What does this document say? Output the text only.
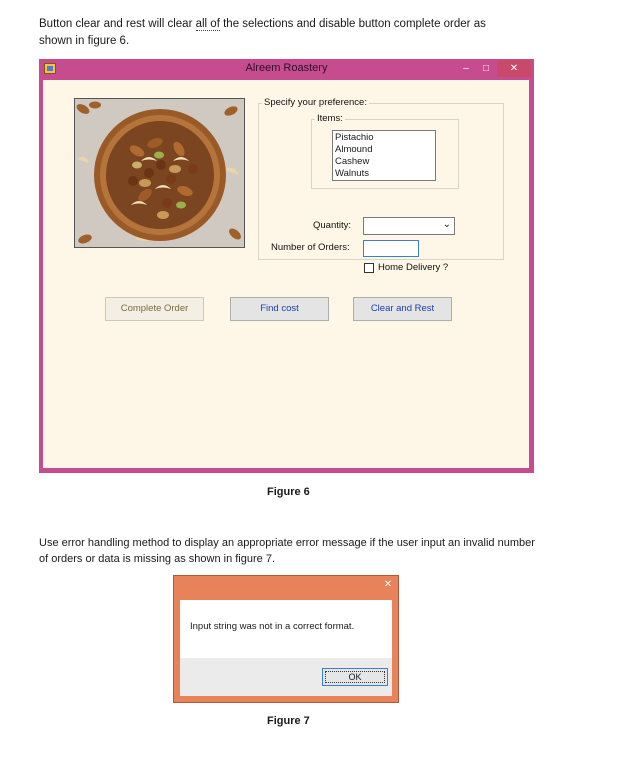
Button clear and rest will clear all of the selections and disable button complete order as
shown in figure 6.
Alreem Roastery	–	□	✕
Specify your preference:
Items:
Pistachio
Almound
Cashew
Walnuts
Quantity:	⌄
Number of Orders:
Home Delivery ?
Complete Order	Find cost	Clear and Rest
Figure 6
Use error handling method to display an appropriate error message if the user input an invalid number
of orders or data is missing as shown in figure 7.
✕
Input string was not in a correct format.
OK
Figure 7
